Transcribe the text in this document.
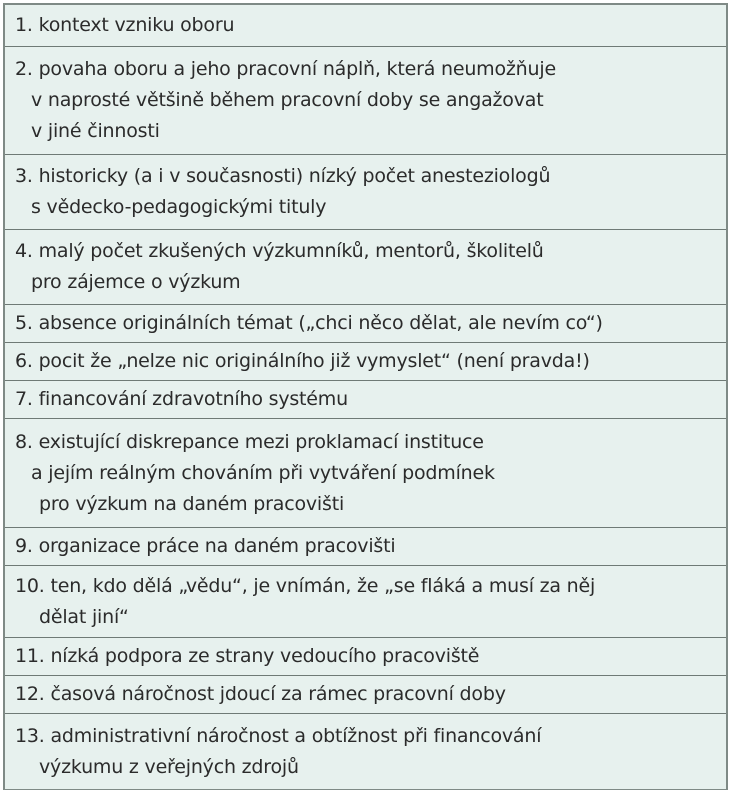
1. kontext vzniku oboru
2. povaha oboru a jeho pracovní náplň, která neumožňuje
v naprosté většině během pracovní doby se angažovat
v jiné činnosti
3. historicky (a i v současnosti) nízký počet anesteziologů
s vědecko-pedagogickými tituly
4. malý počet zkušených výzkumníků, mentorů, školitelů
pro zájemce o výzkum
5. absence originálních témat („chci něco dělat, ale nevím co“)
6. pocit že „nelze nic originálního již vymyslet“ (není pravda!)
7. financování zdravotního systému
8. existující diskrepance mezi proklamací instituce
a jejím reálným chováním při vytváření podmínek
pro výzkum na daném pracovišti
9. organizace práce na daném pracovišti
10. ten, kdo dělá „vědu“, je vnímán, že „se fláká a musí za něj
dělat jiní“
11. nízká podpora ze strany vedoucího pracoviště
12. časová náročnost jdoucí za rámec pracovní doby
13. administrativní náročnost a obtížnost při financování
výzkumu z veřejných zdrojů
